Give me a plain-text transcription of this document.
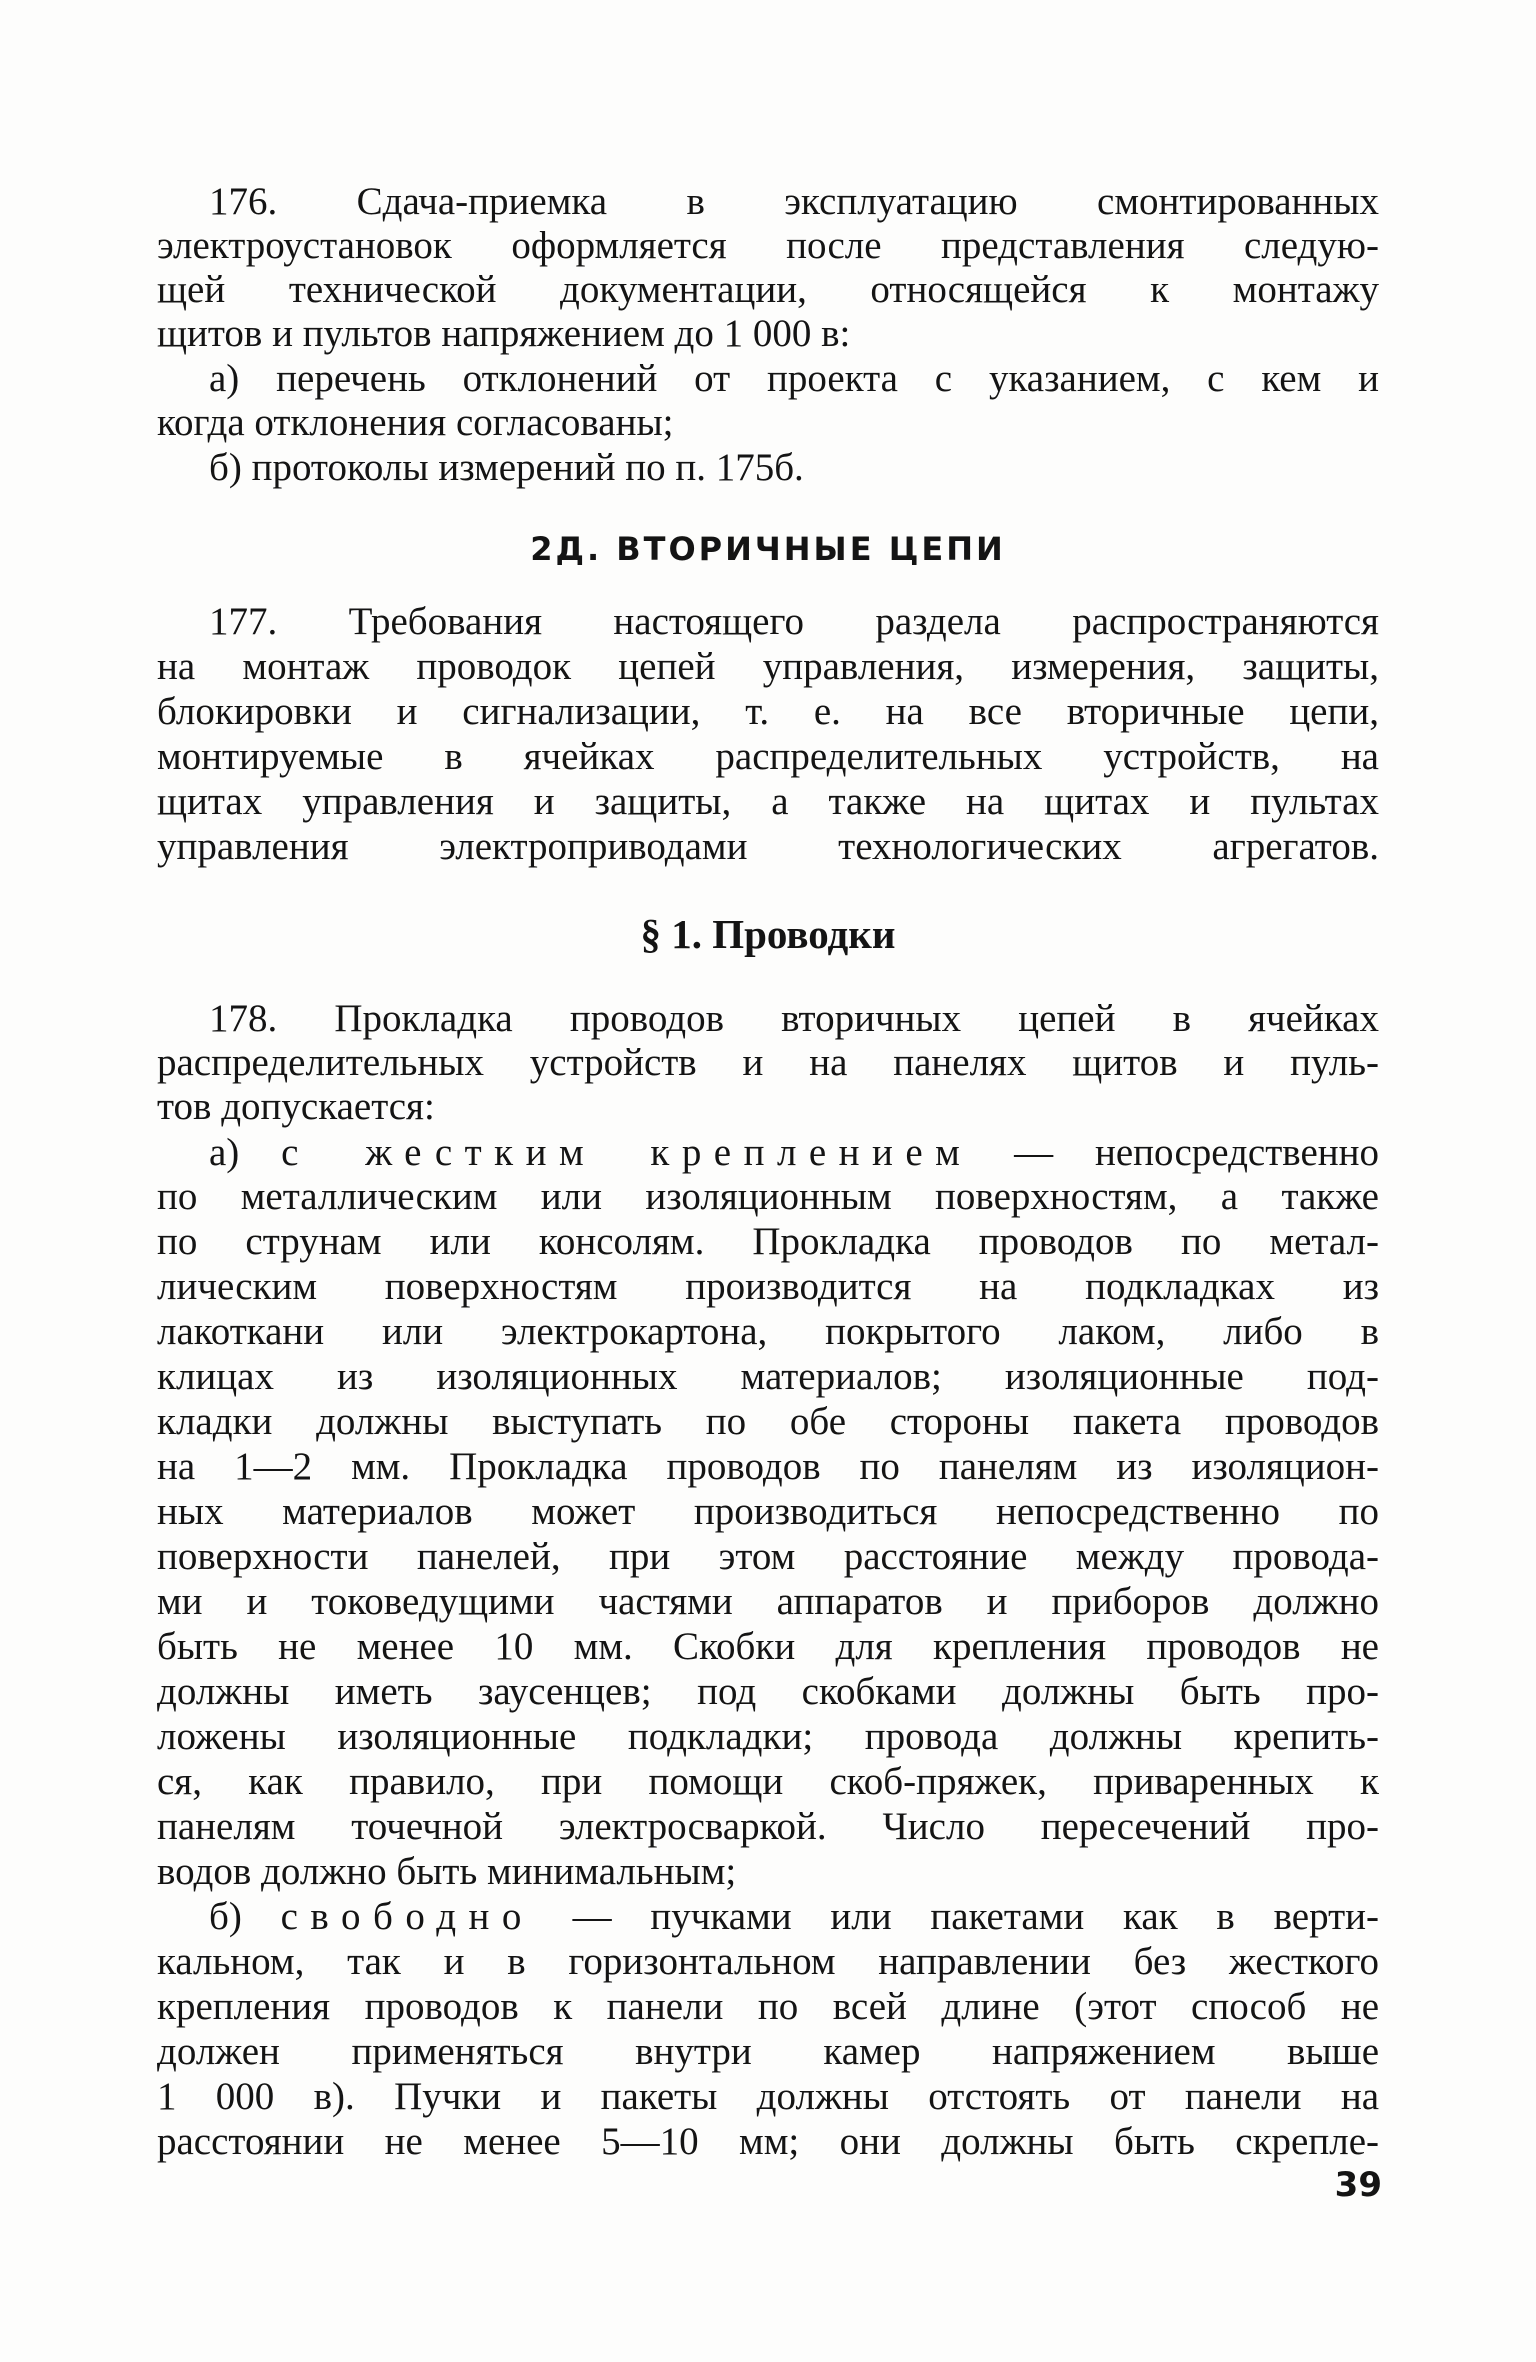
176. Сдача-приемка в эксплуатацию смонтированных
электроустановок оформляется после представления следую-
щей технической документации, относящейся к монтажу
щитов и пультов напряжением до 1 000 в:
а) перечень отклонений от проекта с указанием, с кем и
когда отклонения согласованы;
б) протоколы измерений по п. 175б.
2Д. ВТОРИЧНЫЕ ЦЕПИ
177. Требования настоящего раздела распространяются
на монтаж проводок цепей управления, измерения, защиты,
блокировки и сигнализации, т. е. на все вторичные цепи,
монтируемые в ячейках распределительных устройств, на
щитах управления и защиты, а также на щитах и пультах
управления электроприводами технологических агрегатов.
§ 1. Проводки
178. Прокладка проводов вторичных цепей в ячейках
распределительных устройств и на панелях щитов и пуль-
тов допускается:
а) с жестким креплением — непосредственно
по металлическим или изоляционным поверхностям, а также
по струнам или консолям. Прокладка проводов по метал-
лическим поверхностям производится на подкладках из
лакоткани или электрокартона, покрытого лаком, либо в
клицах из изоляционных материалов; изоляционные под-
кладки должны выступать по обе стороны пакета проводов
на 1—2 мм. Прокладка проводов по панелям из изоляцион-
ных материалов может производиться непосредственно по
поверхности панелей, при этом расстояние между провода-
ми и токоведущими частями аппаратов и приборов должно
быть не менее 10 мм. Скобки для крепления проводов не
должны иметь заусенцев; под скобками должны быть про-
ложены изоляционные подкладки; провода должны крепить-
ся, как правило, при помощи скоб-пряжек, приваренных к
панелям точечной электросваркой. Число пересечений про-
водов должно быть минимальным;
б) свободно — пучками или пакетами как в верти-
кальном, так и в горизонтальном направлении без жесткого
крепления проводов к панели по всей длине (этот способ не
должен применяться внутри камер напряжением выше
1 000 в). Пучки и пакеты должны отстоять от панели на
расстоянии не менее 5—10 мм; они должны быть скрепле-
39
